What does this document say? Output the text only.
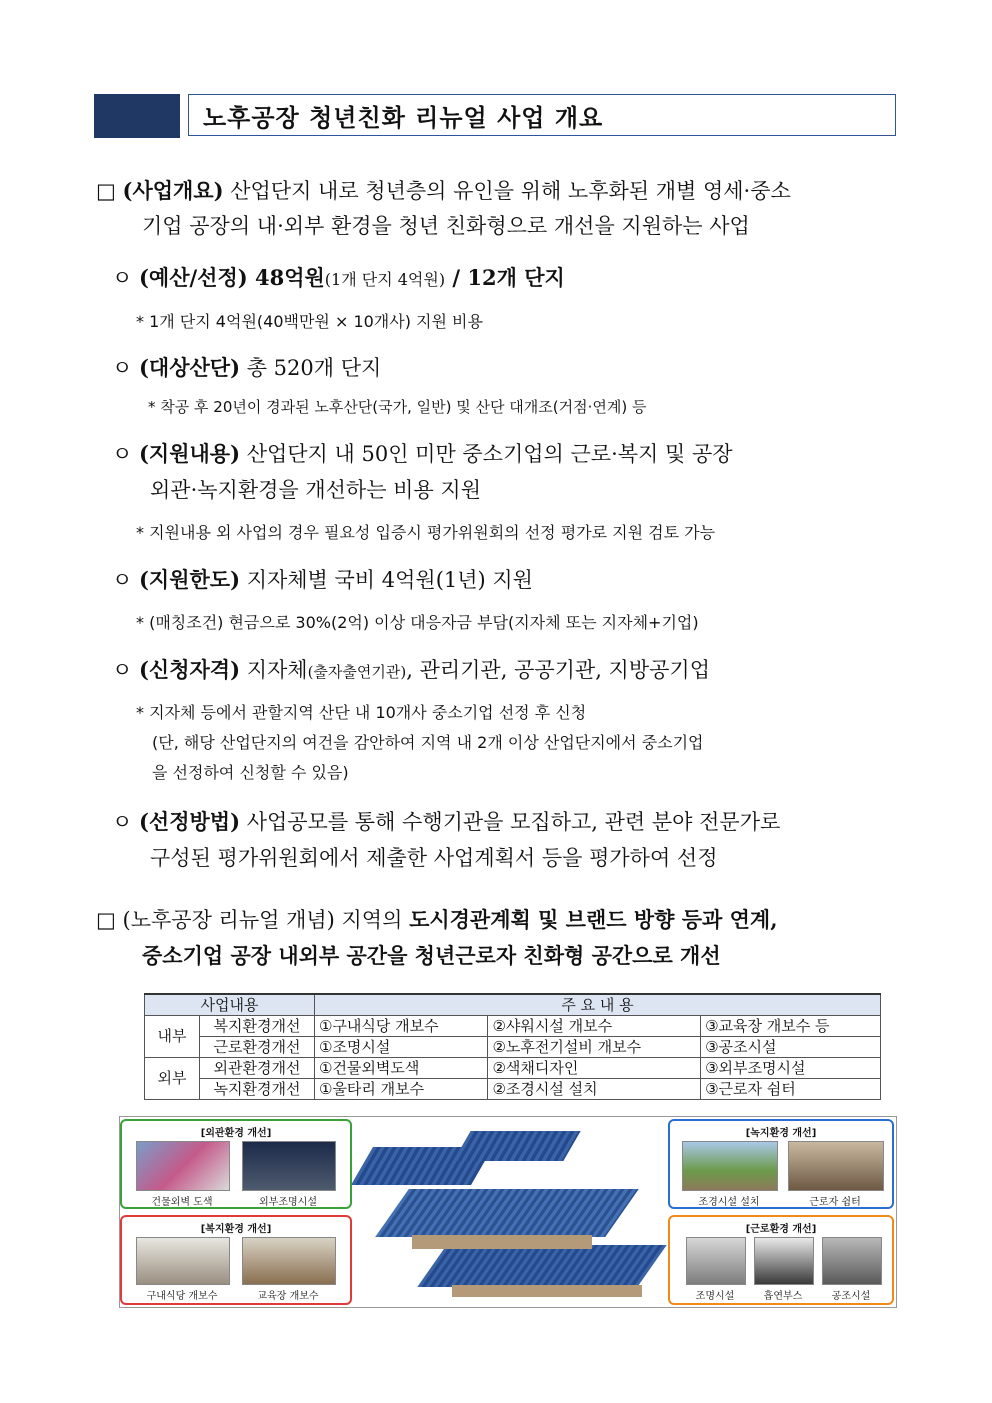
노후공장 청년친화 리뉴얼 사업 개요
□ (사업개요) 산업단지 내로 청년층의 유인을 위해 노후화된 개별 영세·중소
기업 공장의 내·외부 환경을 청년 친화형으로 개선을 지원하는 사업
ㅇ (예산/선정) 48억원(1개 단지 4억원) / 12개 단지
* 1개 단지 4억원(40백만원 × 10개사) 지원 비용
ㅇ (대상산단) 총 520개 단지
* 착공 후 20년이 경과된 노후산단(국가, 일반) 및 산단 대개조(거점·연계) 등
ㅇ (지원내용) 산업단지 내 50인 미만 중소기업의 근로·복지 및 공장
외관·녹지환경을 개선하는 비용 지원
* 지원내용 외 사업의 경우 필요성 입증시 평가위원회의 선정 평가로 지원 검토 가능
ㅇ (지원한도) 지자체별 국비 4억원(1년) 지원
* (매칭조건) 현금으로 30%(2억) 이상 대응자금 부담(지자체 또는 지자체+기업)
ㅇ (신청자격) 지자체(출자출연기관), 관리기관, 공공기관, 지방공기업
* 지자체 등에서 관할지역 산단 내 10개사 중소기업 선정 후 신청
(단, 해당 산업단지의 여건을 감안하여 지역 내 2개 이상 산업단지에서 중소기업
을 선정하여 신청할 수 있음)
ㅇ (선정방법) 사업공모를 통해 수행기관을 모집하고, 관련 분야 전문가로
구성된 평가위원회에서 제출한 사업계획서 등을 평가하여 선정
□ (노후공장 리뉴얼 개념) 지역의 도시경관계획 및 브랜드 방향 등과 연계,
중소기업 공장 내외부 공간을 청년근로자 친화형 공간으로 개선
사업내용		주 요 내 용		
내부	복지환경개선	①구내식당 개보수	②샤워시설 개보수	③교육장 개보수 등
	근로환경개선	①조명시설	②노후전기설비 개보수	③공조시설
외부	외관환경개선	①건물외벽도색	②색채디자인	③외부조명시설
	녹지환경개선	①울타리 개보수	②조경시설 설치	③근로자 쉼터
[외관환경 개선]
건물외벽 도색	외부조명시설
[복지환경 개선]
구내식당 개보수	교육장 개보수
[녹지환경 개선]
조경시설 설치	근로자 쉼터
[근로환경 개선]
조명시설	흡연부스	공조시설
